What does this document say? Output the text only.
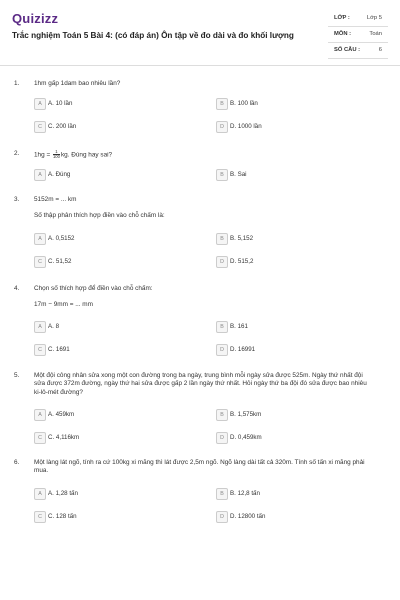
Quizizz
Trắc nghiệm Toán 5 Bài 4: (có đáp án) Ôn tập về đo dài và đo khối lượng
LỚP :	Lớp 5
MÔN :	Toán
SỐ CÂU :	6
1. 1hm gấp 1dam bao nhiêu lần?
A	A. 10 lần	B	B. 100 lần
C C. 200 lần	D D. 1000 lần
2. $1hg = \frac{1}{100}$ kg. Đúng hay sai?
A	A. Đúng	B	B. Sai
3. 5152m = ... km
Số thập phân thích hợp điền vào chỗ chấm là:
A	A. 0,5152	B	B. 5,152
C C. 51,52	D D. 515,2
4. Chọn số thích hợp để điền vào chỗ chấm:
17m − 9mm = ... mm
A	A. 8	B	B. 161
C C. 1691	D D. 16991
5. Một đội công nhân sửa xong một con đường trong ba ngày, trung bình mỗi ngày sửa được 525m. Ngày thứ nhất đội sửa được 372m đường, ngày thứ hai sửa được gấp 2 lần ngày thứ nhất. Hỏi ngày thứ ba đội đó sửa được bao nhiêu ki-lô-mét đường?
A	A. 459km	B	B. 1,575km
C C. 4,116km	D D. 0,459km
6. Một làng lát ngõ, tính ra cứ 100kg xi măng thì lát được 2,5m ngõ. Ngõ làng dài tất cả 320m. Tính số tấn xi măng phải mua.
A	A. 1,28 tấn	B	B. 12,8 tấn
C C. 128 tấn	D D. 12800 tấn
